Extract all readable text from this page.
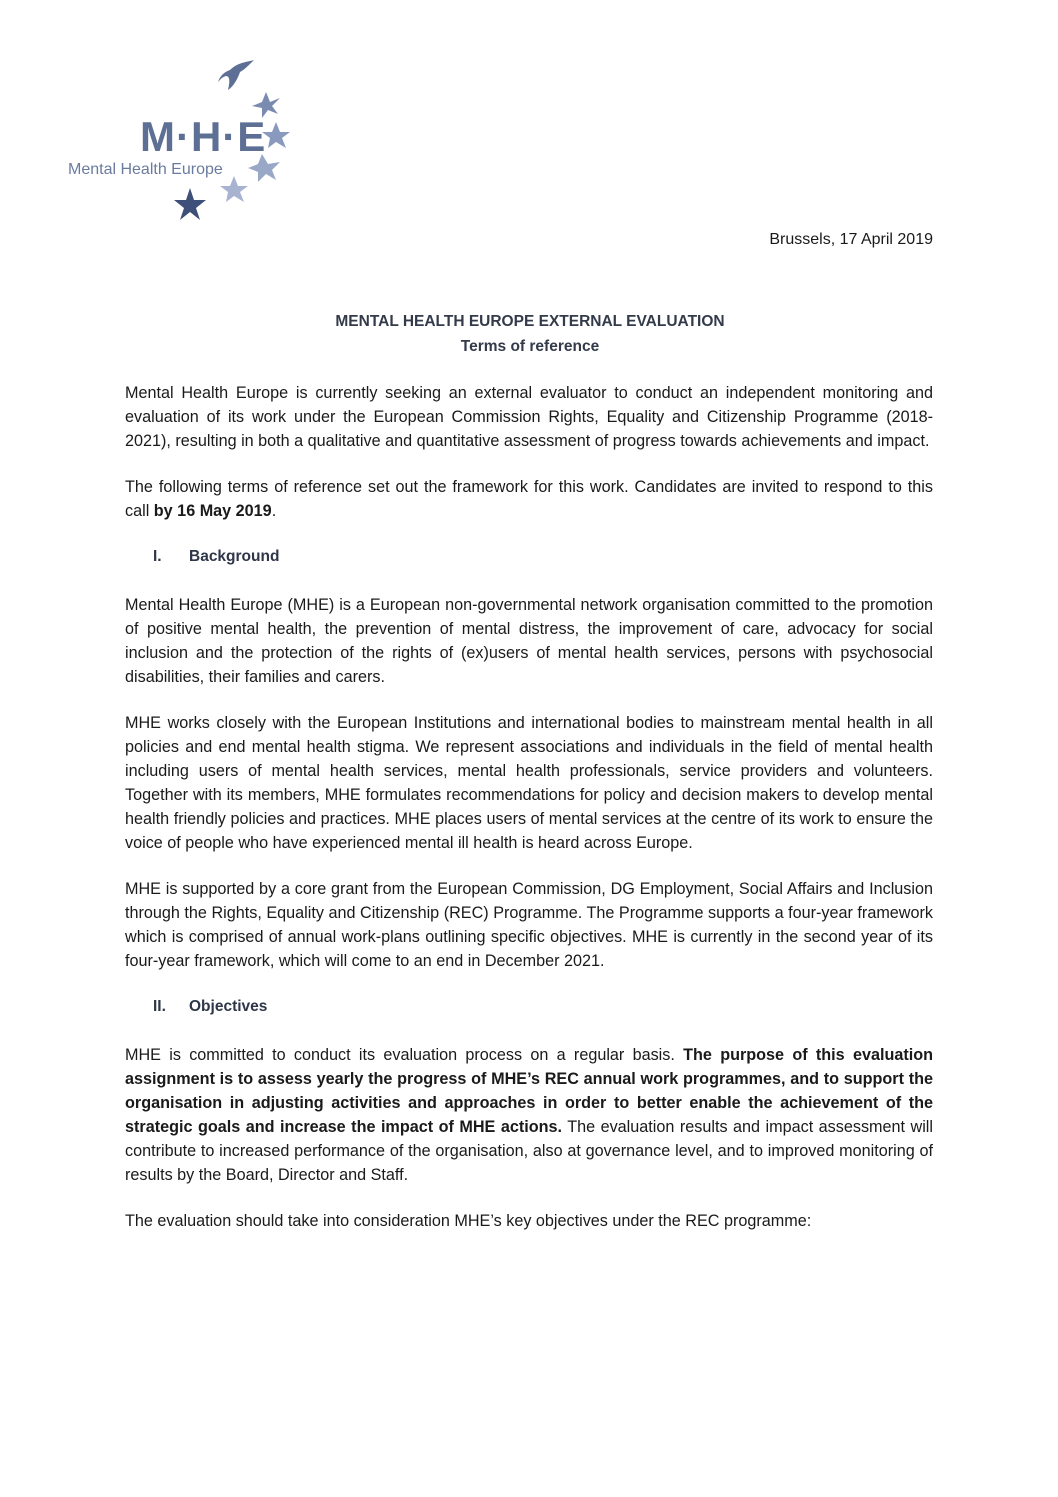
M·H·E
Mental Health Europe
Brussels, 17 April 2019
MENTAL HEALTH EUROPE EXTERNAL EVALUATION
Terms of reference

Mental Health Europe is currently seeking an external evaluator to conduct an independent monitoring and evaluation of its work under the European Commission Rights, Equality and Citizenship Programme (2018-2021), resulting in both a qualitative and quantitative assessment of progress towards achievements and impact.

The following terms of reference set out the framework for this work. Candidates are invited to respond to this call by 16 May 2019.

I. Background

Mental Health Europe (MHE) is a European non-governmental network organisation committed to the promotion of positive mental health, the prevention of mental distress, the improvement of care, advocacy for social inclusion and the protection of the rights of (ex)users of mental health services, persons with psychosocial disabilities, their families and carers.

MHE works closely with the European Institutions and international bodies to mainstream mental health in all policies and end mental health stigma. We represent associations and individuals in the field of mental health including users of mental health services, mental health professionals, service providers and volunteers. Together with its members, MHE formulates recommendations for policy and decision makers to develop mental health friendly policies and practices. MHE places users of mental services at the centre of its work to ensure the voice of people who have experienced mental ill health is heard across Europe.

MHE is supported by a core grant from the European Commission, DG Employment, Social Affairs and Inclusion through the Rights, Equality and Citizenship (REC) Programme. The Programme supports a four-year framework which is comprised of annual work-plans outlining specific objectives. MHE is currently in the second year of its four-year framework, which will come to an end in December 2021.

II. Objectives

MHE is committed to conduct its evaluation process on a regular basis. The purpose of this evaluation assignment is to assess yearly the progress of MHE’s REC annual work programmes, and to support the organisation in adjusting activities and approaches in order to better enable the achievement of the strategic goals and increase the impact of MHE actions. The evaluation results and impact assessment will contribute to increased performance of the organisation, also at governance level, and to improved monitoring of results by the Board, Director and Staff.

The evaluation should take into consideration MHE’s key objectives under the REC programme:
